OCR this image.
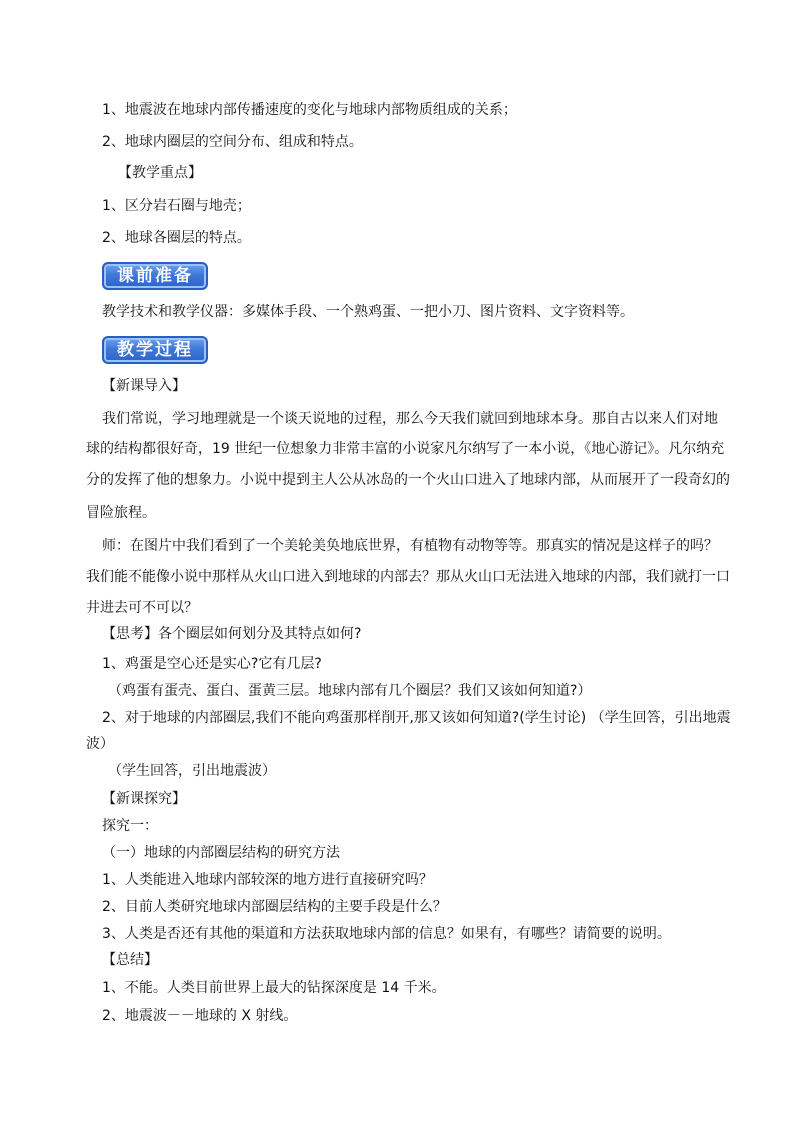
1、地震波在地球内部传播速度的变化与地球内部物质组成的关系；
2、地球内圈层的空间分布、组成和特点。
【教学重点】
1、区分岩石圈与地壳；
2、地球各圈层的特点。
课前准备
教学技术和教学仪器：多媒体手段、一个熟鸡蛋、一把小刀、图片资料、文字资料等。
教学过程
【新课导入】
我们常说，学习地理就是一个谈天说地的过程，那么今天我们就回到地球本身。那自古以来人们对地
球的结构都很好奇，19 世纪一位想象力非常丰富的小说家凡尔纳写了一本小说，《地心游记》。凡尔纳充
分的发挥了他的想象力。小说中提到主人公从冰岛的一个火山口进入了地球内部，从而展开了一段奇幻的
冒险旅程。
师：在图片中我们看到了一个美轮美奂地底世界，有植物有动物等等。那真实的情况是这样子的吗？
我们能不能像小说中那样从火山口进入到地球的内部去？那从火山口无法进入地球的内部，我们就打一口
井进去可不可以？
【思考】各个圈层如何划分及其特点如何?
1、鸡蛋是空心还是实心?它有几层?
（鸡蛋有蛋壳、蛋白、蛋黄三层。地球内部有几个圈层？我们又该如何知道?）
2、对于地球的内部圈层,我们不能向鸡蛋那样削开,那又该如何知道?(学生讨论) （学生回答，引出地震
波）
（学生回答，引出地震波）
【新课探究】
探究一：
（一）地球的内部圈层结构的研究方法
1、人类能进入地球内部较深的地方进行直接研究吗？
2、目前人类研究地球内部圈层结构的主要手段是什么？
3、人类是否还有其他的渠道和方法获取地球内部的信息？如果有，有哪些？请简要的说明。
【总结】
1、不能。人类目前世界上最大的钻探深度是 14 千米。
2、地震波－－地球的 X 射线。
